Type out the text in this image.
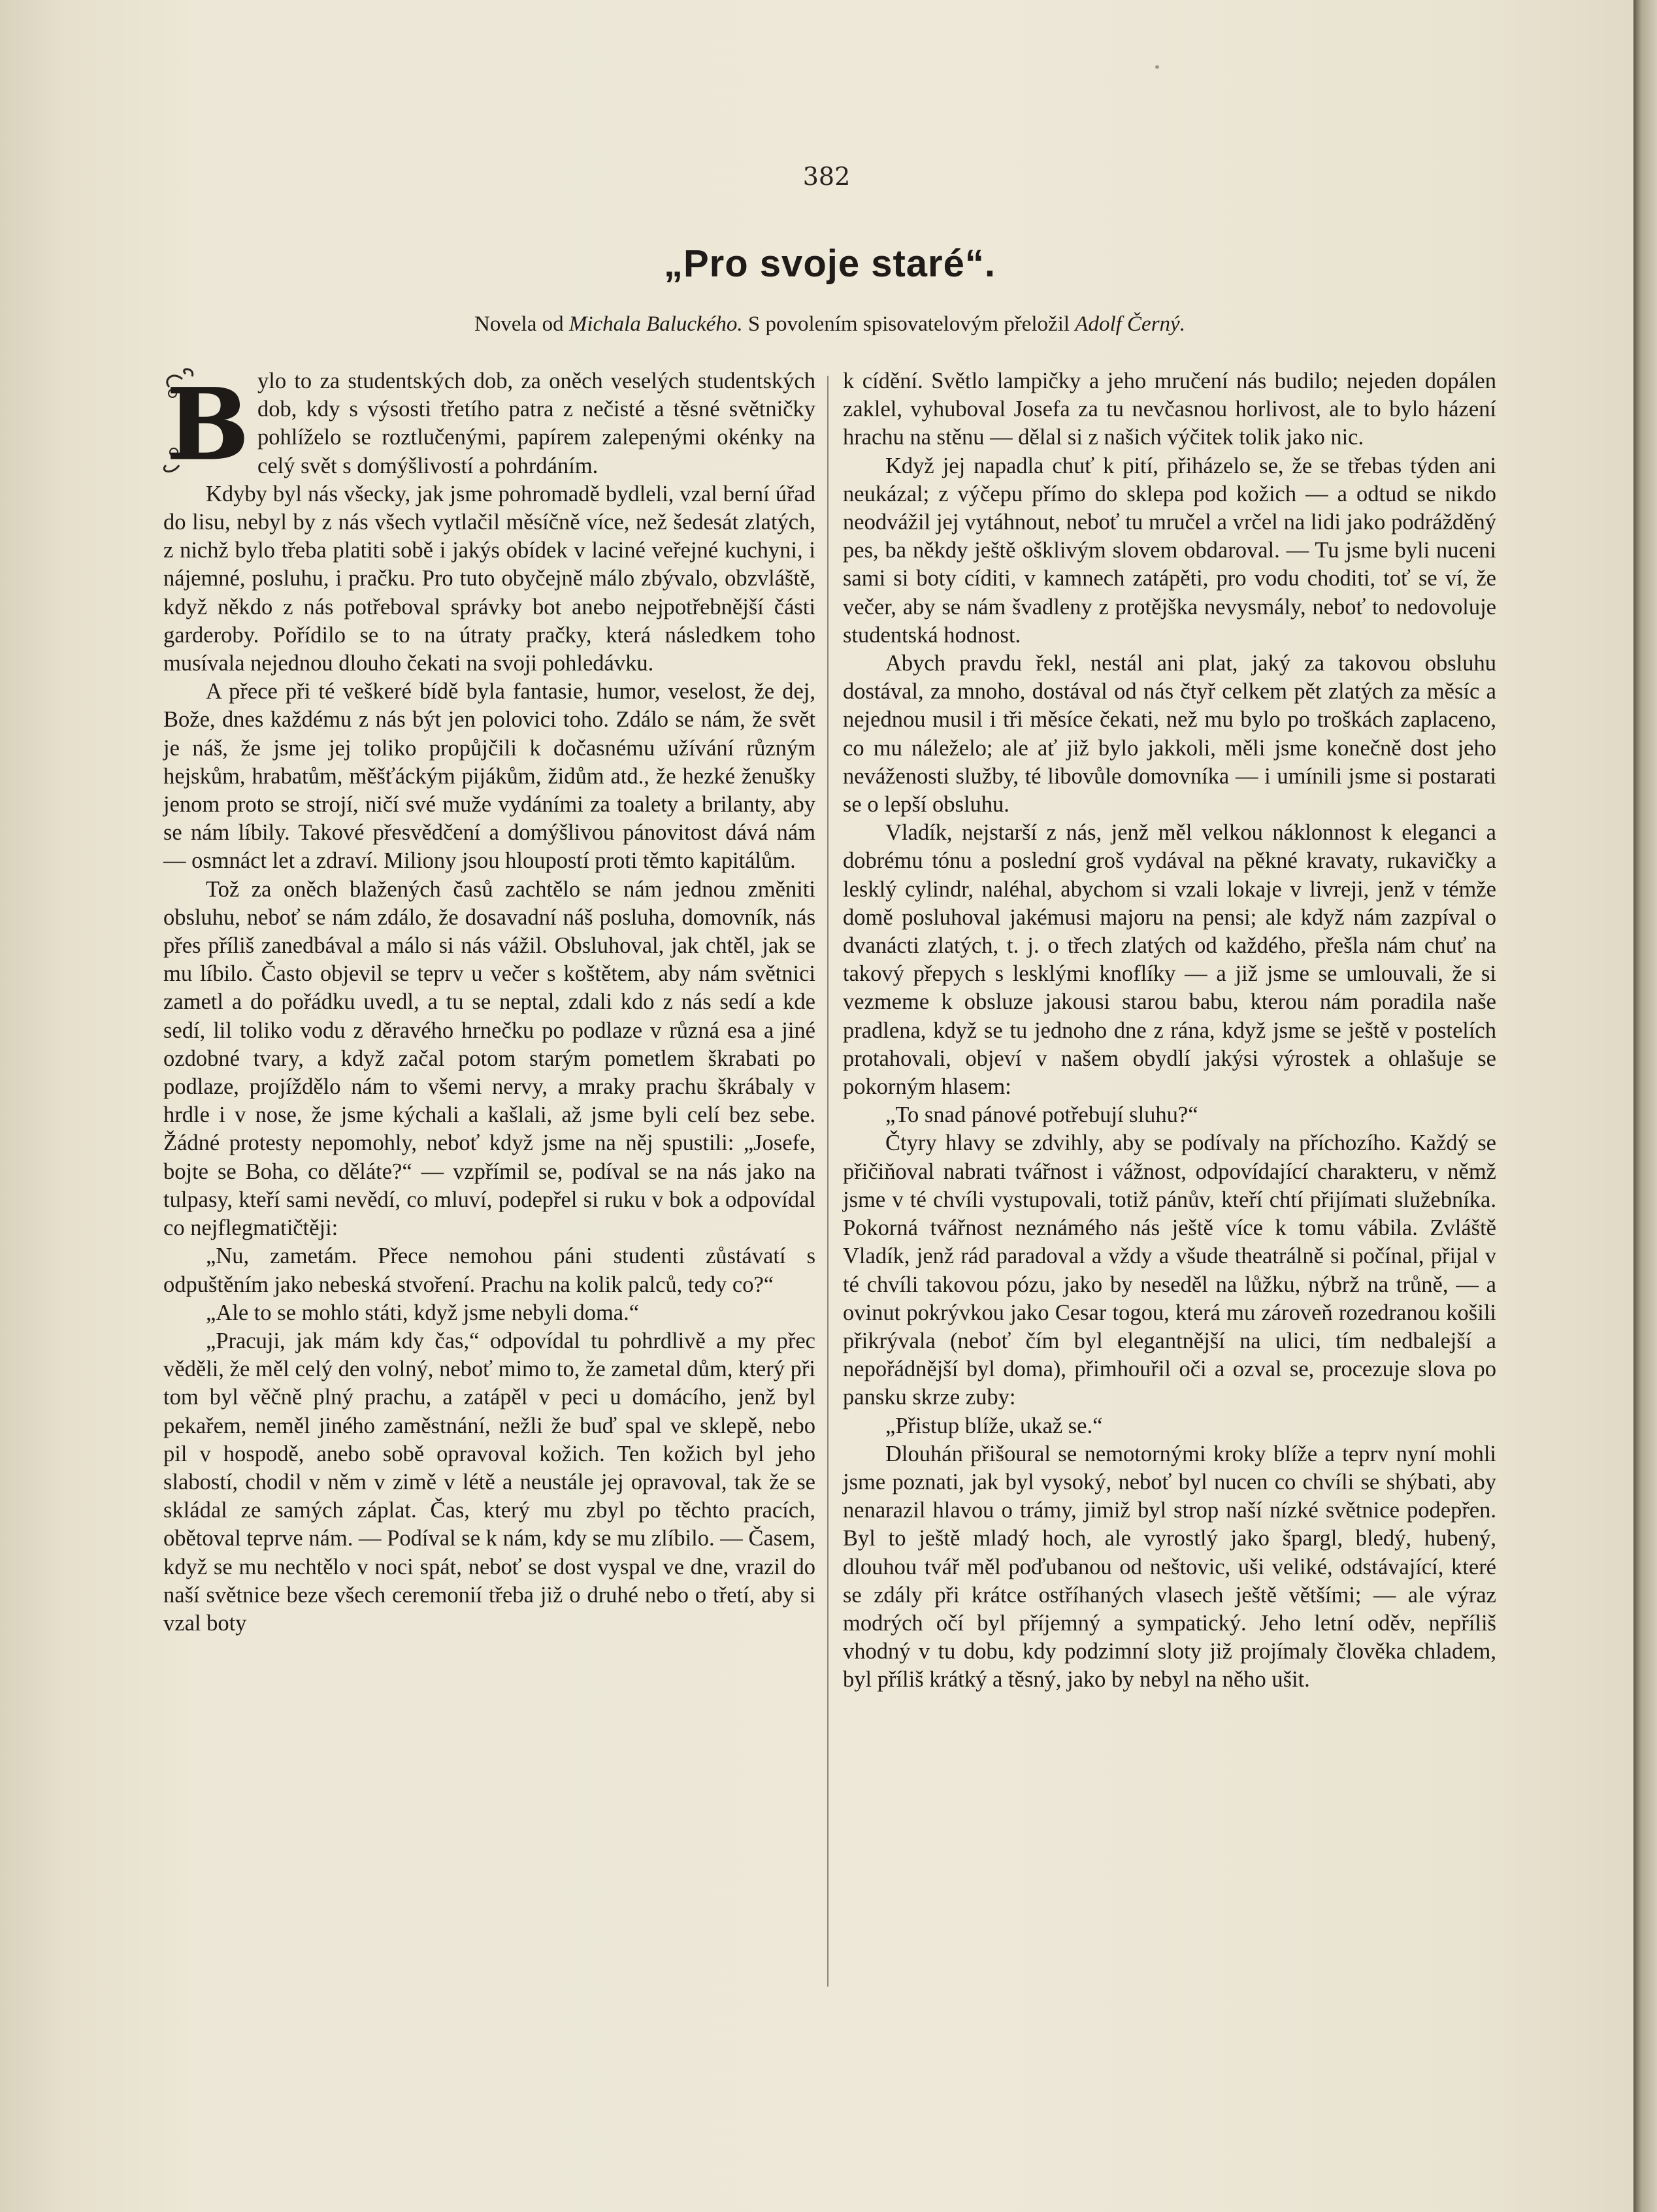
382
„Pro svoje staré“.
Novela od Michala Baluckého. S povolením spisovatelovým přeložil Adolf Černý.

B ylo to za studentských dob, za oněch veselých studentských dob, kdy s výsosti třetího patra z nečisté a těsné světničky pohlíželo se roztlučenými, papírem zalepenými okénky na celý svět s domýšlivostí a pohrdáním.

Kdyby byl nás všecky, jak jsme pohromadě bydleli, vzal berní úřad do lisu, nebyl by z nás všech vytlačil měsíčně více, než šedesát zlatých, z nichž bylo třeba platiti sobě i jakýs obídek v laciné veřejné kuchyni, i nájemné, posluhu, i pračku. Pro tuto obyčejně málo zbývalo, obzvláště, když někdo z nás potřeboval správky bot anebo nejpotřebnější části garderoby. Pořídilo se to na útraty pračky, která následkem toho musívala nejednou dlouho čekati na svoji pohledávku.

A přece při té veškeré bídě byla fantasie, humor, veselost, že dej, Bože, dnes každému z nás být jen polovici toho. Zdálo se nám, že svět je náš, že jsme jej toliko propůjčili k dočasnému užívání různým hejskům, hrabatům, měšťáckým pijákům, židům atd., že hezké ženušky jenom proto se strojí, ničí své muže vydáními za toalety a brilanty, aby se nám líbily. Takové přesvědčení a domýšlivou pánovitost dává nám — osmnáct let a zdraví. Miliony jsou hloupostí proti těmto kapitálům.

Tož za oněch blažených časů zachtělo se nám jednou změniti obsluhu, neboť se nám zdálo, že dosavadní náš posluha, domovník, nás přes příliš zanedbával a málo si nás vážil. Obsluhoval, jak chtěl, jak se mu líbilo. Často objevil se teprv u večer s koštětem, aby nám světnici zametl a do pořádku uvedl, a tu se neptal, zdali kdo z nás sedí a kde sedí, lil toliko vodu z děravého hrnečku po podlaze v různá esa a jiné ozdobné tvary, a když začal potom starým pometlem škrabati po podlaze, projíždělo nám to všemi nervy, a mraky prachu škrábaly v hrdle i v nose, že jsme kýchali a kašlali, až jsme byli celí bez sebe. Žádné protesty nepomohly, neboť když jsme na něj spustili: „Josefe, bojte se Boha, co děláte?“ — vzpřímil se, podíval se na nás jako na tulpasy, kteří sami nevědí, co mluví, podepřel si ruku v bok a odpovídal co nejflegmatičtěji:

„Nu, zametám. Přece nemohou páni studenti zůstávatí s odpuštěním jako nebeská stvoření. Prachu na kolik palců, tedy co?“

„Ale to se mohlo státi, když jsme nebyli doma.“

„Pracuji, jak mám kdy čas,“ odpovídal tu pohrdlivě a my přec věděli, že měl celý den volný, neboť mimo to, že zametal dům, který při tom byl věčně plný prachu, a zatápěl v peci u domácího, jenž byl pekařem, neměl jiného zaměstnání, nežli že buď spal ve sklepě, nebo pil v hospodě, anebo sobě opravoval kožich. Ten kožich byl jeho slabostí, chodil v něm v zimě v létě a neustále jej opravoval, tak že se skládal ze samých záplat. Čas, který mu zbyl po těchto pracích, obětoval teprve nám. — Podíval se k nám, kdy se mu zlíbilo. — Časem, když se mu nechtělo v noci spát, neboť se dost vyspal ve dne, vrazil do naší světnice beze všech ceremonií třeba již o druhé nebo o třetí, aby si vzal boty

k cídění. Světlo lampičky a jeho mručení nás budilo; nejeden dopálen zaklel, vyhuboval Josefa za tu nevčasnou horlivost, ale to bylo házení hrachu na stěnu — dělal si z našich výčitek tolik jako nic.

Když jej napadla chuť k pití, přiházelo se, že se třebas týden ani neukázal; z výčepu přímo do sklepa pod kožich — a odtud se nikdo neodvážil jej vytáhnout, neboť tu mručel a vrčel na lidi jako podrážděný pes, ba někdy ještě ošklivým slovem obdaroval. — Tu jsme byli nuceni sami si boty cíditi, v kamnech zatápěti, pro vodu choditi, toť se ví, že večer, aby se nám švadleny z protějška nevysmály, neboť to nedovoluje studentská hodnost.

Abych pravdu řekl, nestál ani plat, jaký za takovou obsluhu dostával, za mnoho, dostával od nás čtyř celkem pět zlatých za měsíc a nejednou musil i tři měsíce čekati, než mu bylo po troškách zaplaceno, co mu náleželo; ale ať již bylo jakkoli, měli jsme konečně dost jeho neváženosti služby, té libovůle domovníka — i umínili jsme si postarati se o lepší obsluhu.

Vladík, nejstarší z nás, jenž měl velkou náklonnost k eleganci a dobrému tónu a poslední groš vydával na pěkné kravaty, rukavičky a lesklý cylindr, naléhal, abychom si vzali lokaje v livreji, jenž v témže domě posluhoval jakémusi majoru na pensi; ale když nám zazpíval o dvanácti zlatých, t. j. o třech zlatých od každého, přešla nám chuť na takový přepych s lesklými knoflíky — a již jsme se umlouvali, že si vezmeme k obsluze jakousi starou babu, kterou nám poradila naše pradlena, když se tu jednoho dne z rána, když jsme se ještě v postelích protahovali, objeví v našem obydlí jakýsi výrostek a ohlašuje se pokorným hlasem:

„To snad pánové potřebují sluhu?“

Čtyry hlavy se zdvihly, aby se podívaly na příchozího. Každý se přičiňoval nabrati tvářnost i vážnost, odpovídající charakteru, v němž jsme v té chvíli vystupovali, totiž pánův, kteří chtí přijímati služebníka. Pokorná tvářnost neznámého nás ještě více k tomu vábila. Zvláště Vladík, jenž rád paradoval a vždy a všude theatrálně si počínal, přijal v té chvíli takovou pózu, jako by neseděl na lůžku, nýbrž na trůně, — a ovinut pokrývkou jako Cesar togou, která mu zároveň rozedranou košili přikrývala (neboť čím byl elegantnější na ulici, tím nedbalejší a nepořádnější byl doma), přimhouřil oči a ozval se, procezuje slova po pansku skrze zuby:

„Přistup blíže, ukaž se.“

Dlouhán přišoural se nemotornými kroky blíže a teprv nyní mohli jsme poznati, jak byl vysoký, neboť byl nucen co chvíli se shýbati, aby nenarazil hlavou o trámy, jimiž byl strop naší nízké světnice podepřen. Byl to ještě mladý hoch, ale vyrostlý jako špargl, bledý, hubený, dlouhou tvář měl poďubanou od neštovic, uši veliké, odstávající, které se zdály při krátce ostříhaných vlasech ještě většími; — ale výraz modrých očí byl příjemný a sympatický. Jeho letní oděv, nepříliš vhodný v tu dobu, kdy podzimní sloty již projímaly člověka chladem, byl příliš krátký a těsný, jako by nebyl na něho ušit.
